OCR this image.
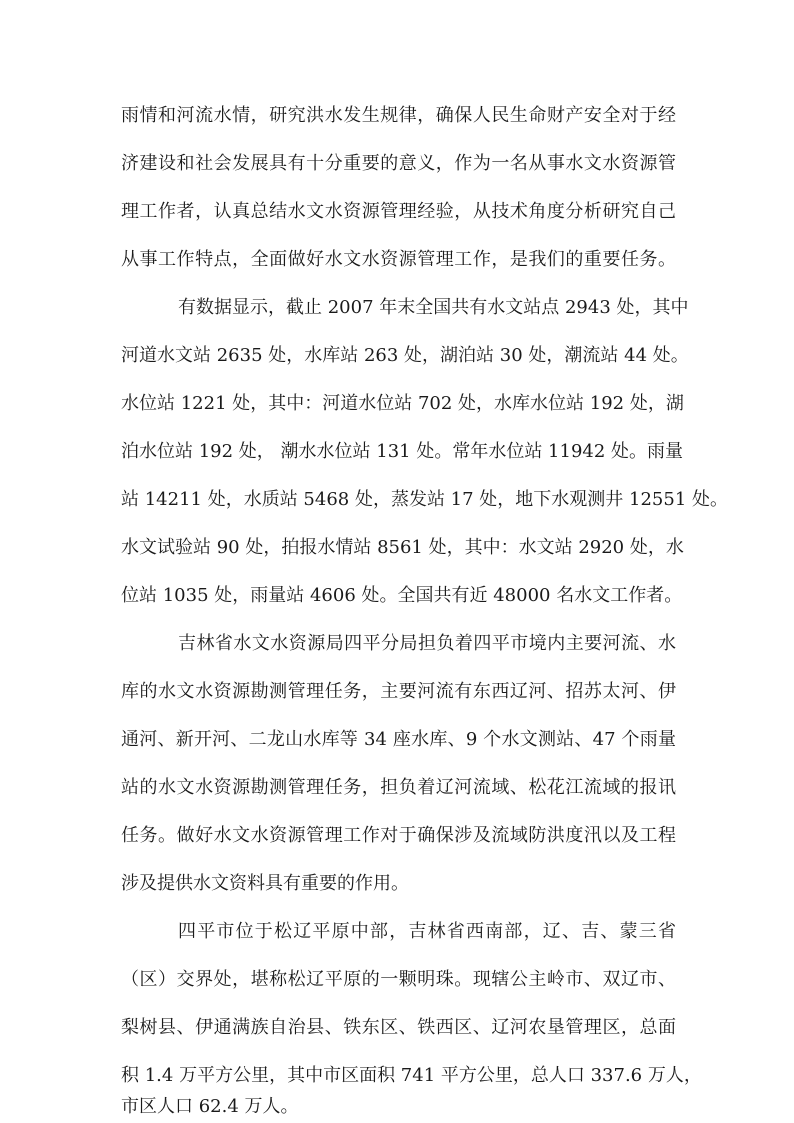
雨情和河流水情，研究洪水发生规律，确保人民生命财产安全对于经
济建设和社会发展具有十分重要的意义，作为一名从事水文水资源管
理工作者，认真总结水文水资源管理经验，从技术角度分析研究自己
从事工作特点，全面做好水文水资源管理工作，是我们的重要任务。
有数据显示，截止 2007 年末全国共有水文站点 2943 处，其中
河道水文站 2635 处，水库站 263 处，湖泊站 30 处，潮流站 44 处。
水位站 1221 处，其中：河道水位站 702 处，水库水位站 192 处，湖
泊水位站 192 处， 潮水水位站 131 处。常年水位站 11942 处。雨量
站 14211 处，水质站 5468 处，蒸发站 17 处，地下水观测井 12551 处。
水文试验站 90 处，拍报水情站 8561 处，其中：水文站 2920 处，水
位站 1035 处，雨量站 4606 处。全国共有近 48000 名水文工作者。
吉林省水文水资源局四平分局担负着四平市境内主要河流、水
库的水文水资源勘测管理任务，主要河流有东西辽河、招苏太河、伊
通河、新开河、二龙山水库等 34 座水库、9 个水文测站、47 个雨量
站的水文水资源勘测管理任务，担负着辽河流域、松花江流域的报讯
任务。做好水文水资源管理工作对于确保涉及流域防洪度汛以及工程
涉及提供水文资料具有重要的作用。
四平市位于松辽平原中部，吉林省西南部，辽、吉、蒙三省
（区）交界处，堪称松辽平原的一颗明珠。现辖公主岭市、双辽市、
梨树县、伊通满族自治县、铁东区、铁西区、辽河农垦管理区，总面
积 1.4 万平方公里，其中市区面积 741 平方公里，总人口 337.6 万人，
市区人口 62.4 万人。
